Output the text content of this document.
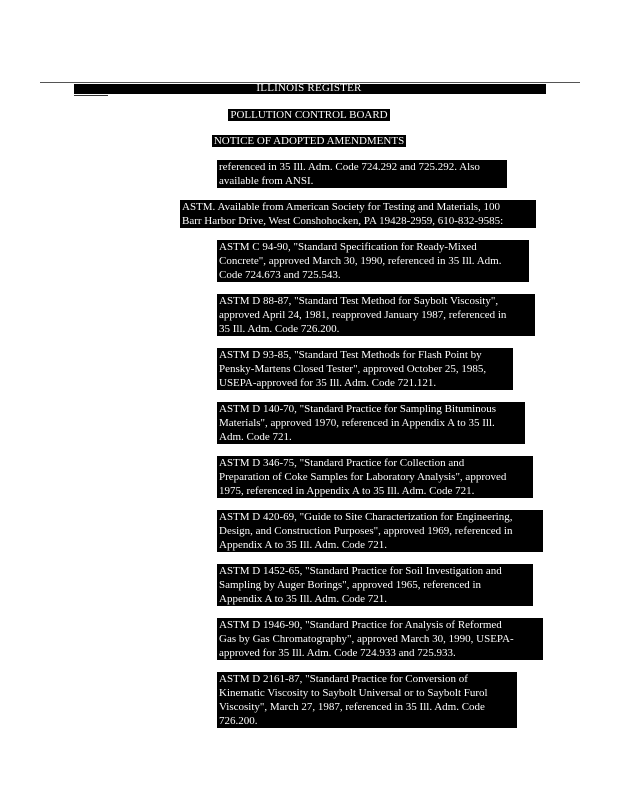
ILLINOIS REGISTER
POLLUTION CONTROL BOARD
NOTICE OF ADOPTED AMENDMENTS

referenced in 35 Ill. Adm. Code 724.292 and 725.292. Also

available from ANSI.

ASTM. Available from American Society for Testing and Materials, 100

Barr Harbor Drive, West Conshohocken, PA 19428-2959, 610-832-9585:

ASTM C 94-90, "Standard Specification for Ready-Mixed

Concrete", approved March 30, 1990, referenced in 35 Ill. Adm.

Code 724.673 and 725.543.

ASTM D 88-87, "Standard Test Method for Saybolt Viscosity",

approved April 24, 1981, reapproved January 1987, referenced in

35 Ill. Adm. Code 726.200.

ASTM D 93-85, "Standard Test Methods for Flash Point by

Pensky-Martens Closed Tester", approved October 25, 1985,

USEPA-approved for 35 Ill. Adm. Code 721.121.

ASTM D 140-70, "Standard Practice for Sampling Bituminous

Materials", approved 1970, referenced in Appendix A to 35 Ill.

Adm. Code 721.

ASTM D 346-75, "Standard Practice for Collection and

Preparation of Coke Samples for Laboratory Analysis", approved

1975, referenced in Appendix A to 35 Ill. Adm. Code 721.

ASTM D 420-69, "Guide to Site Characterization for Engineering,

Design, and Construction Purposes", approved 1969, referenced in

Appendix A to 35 Ill. Adm. Code 721.

ASTM D 1452-65, "Standard Practice for Soil Investigation and

Sampling by Auger Borings", approved 1965, referenced in

Appendix A to 35 Ill. Adm. Code 721.

ASTM D 1946-90, "Standard Practice for Analysis of Reformed

Gas by Gas Chromatography", approved March 30, 1990, USEPA-

approved for 35 Ill. Adm. Code 724.933 and 725.933.

ASTM D 2161-87, "Standard Practice for Conversion of

Kinematic Viscosity to Saybolt Universal or to Saybolt Furol

Viscosity", March 27, 1987, referenced in 35 Ill. Adm. Code

726.200.
